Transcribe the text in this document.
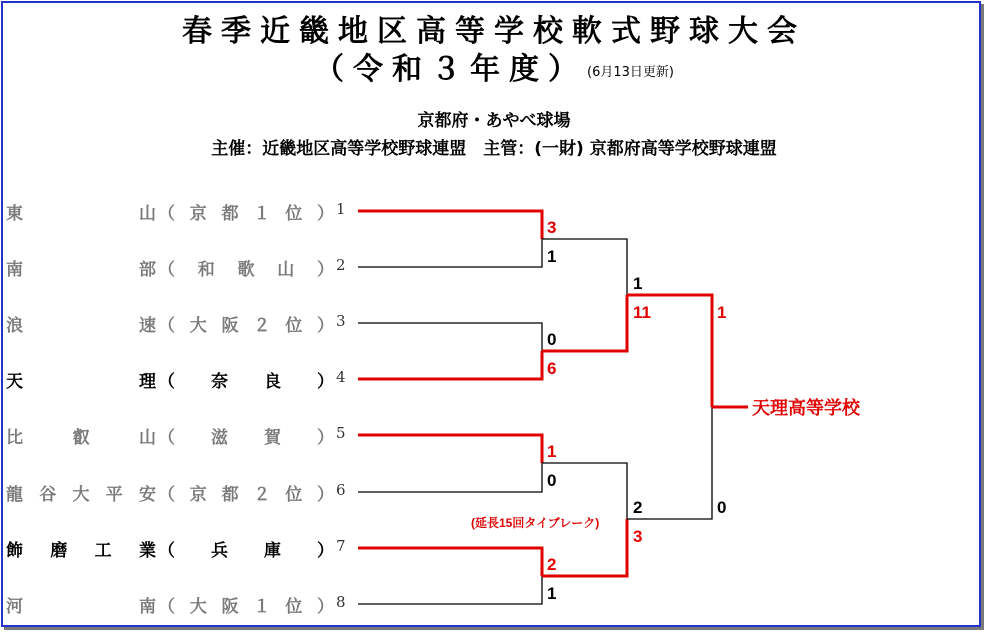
春季近畿地区高等学校軟式野球大会
（令和３年度）(6月13日更新)
京都府・あやべ球場
主催：近畿地区高等学校野球連盟　主管：(一財) 京都府高等学校野球連盟
東	山 （ 京 都 １ 位 ） 1
南	部 （ 和 歌 山 ） 2
浪	速 （ 大 阪 ２ 位 ） 3
天	理 （ 奈 良 ） 4
比	叡	山 （ 滋 賀 ） 5
龍 谷 大 平 安 （ 京 都 ２ 位 ） 6
飾 磨 工 業 （ 兵 庫 ） 7
河	南 （ 大 阪 １ 位 ） 8
3
1
0
6
1
0
2
1
1
11
2
3
1
0
(延長15回タイブレーク)
天理高等学校
